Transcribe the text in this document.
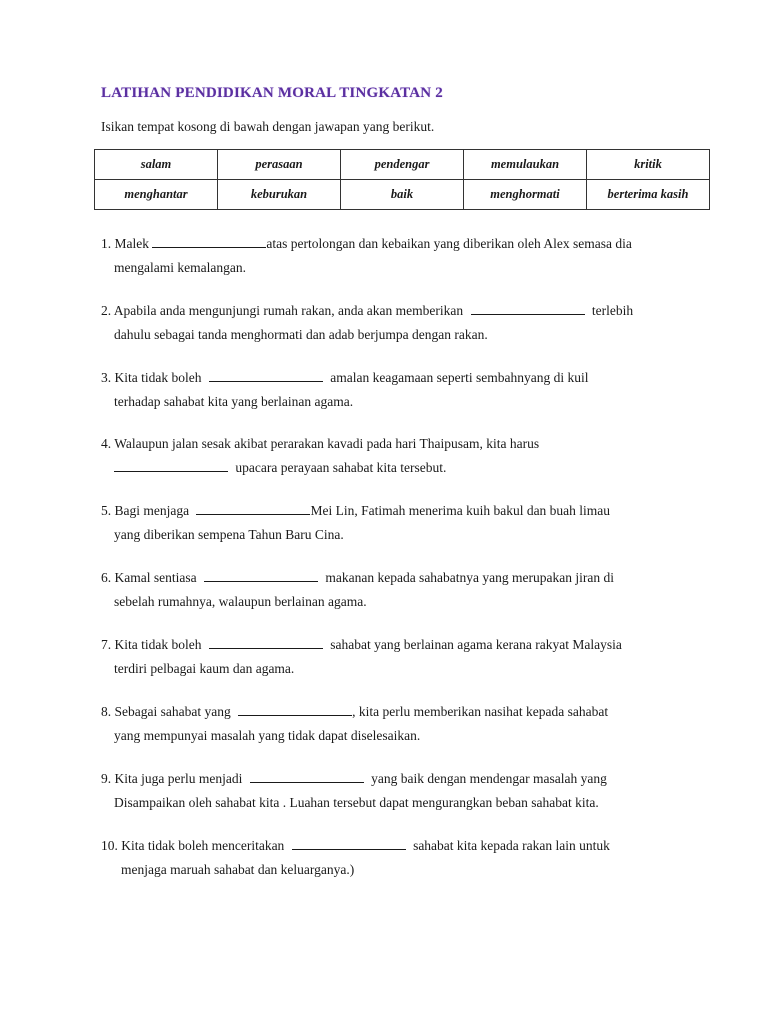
LATIHAN PENDIDIKAN MORAL TINGKATAN 2
Isikan tempat kosong di bawah dengan jawapan yang berikut.
salam	perasaan	pendengar	memulaukan	kritik
menghantar	keburukan	baik	menghormati	berterima kasih
1. Malek	atas pertolongan dan kebaikan yang diberikan oleh Alex semasa dia
mengalami kemalangan.
2. Apabila anda mengunjungi rumah rakan, anda akan memberikan	terlebih
dahulu sebagai tanda menghormati dan adab berjumpa dengan rakan.
3. Kita tidak boleh	amalan keagamaan seperti sembahnyang di kuil
terhadap sahabat kita yang berlainan agama.
4. Walaupun jalan sesak akibat perarakan kavadi pada hari Thaipusam, kita harus
upacara perayaan sahabat kita tersebut.
5. Bagi menjaga	Mei Lin, Fatimah menerima kuih bakul dan buah limau
yang diberikan sempena Tahun Baru Cina.
6. Kamal sentiasa	makanan kepada sahabatnya yang merupakan jiran di
sebelah rumahnya, walaupun berlainan agama.
7. Kita tidak boleh	sahabat yang berlainan agama kerana rakyat Malaysia
terdiri pelbagai kaum dan agama.
8. Sebagai sahabat yang	, kita perlu memberikan nasihat kepada sahabat
yang mempunyai masalah yang tidak dapat diselesaikan.
9. Kita juga perlu menjadi	yang baik dengan mendengar masalah yang
Disampaikan oleh sahabat kita . Luahan tersebut dapat mengurangkan beban sahabat kita.
10. Kita tidak boleh menceritakan	sahabat kita kepada rakan lain untuk
menjaga maruah sahabat dan keluarganya.)
